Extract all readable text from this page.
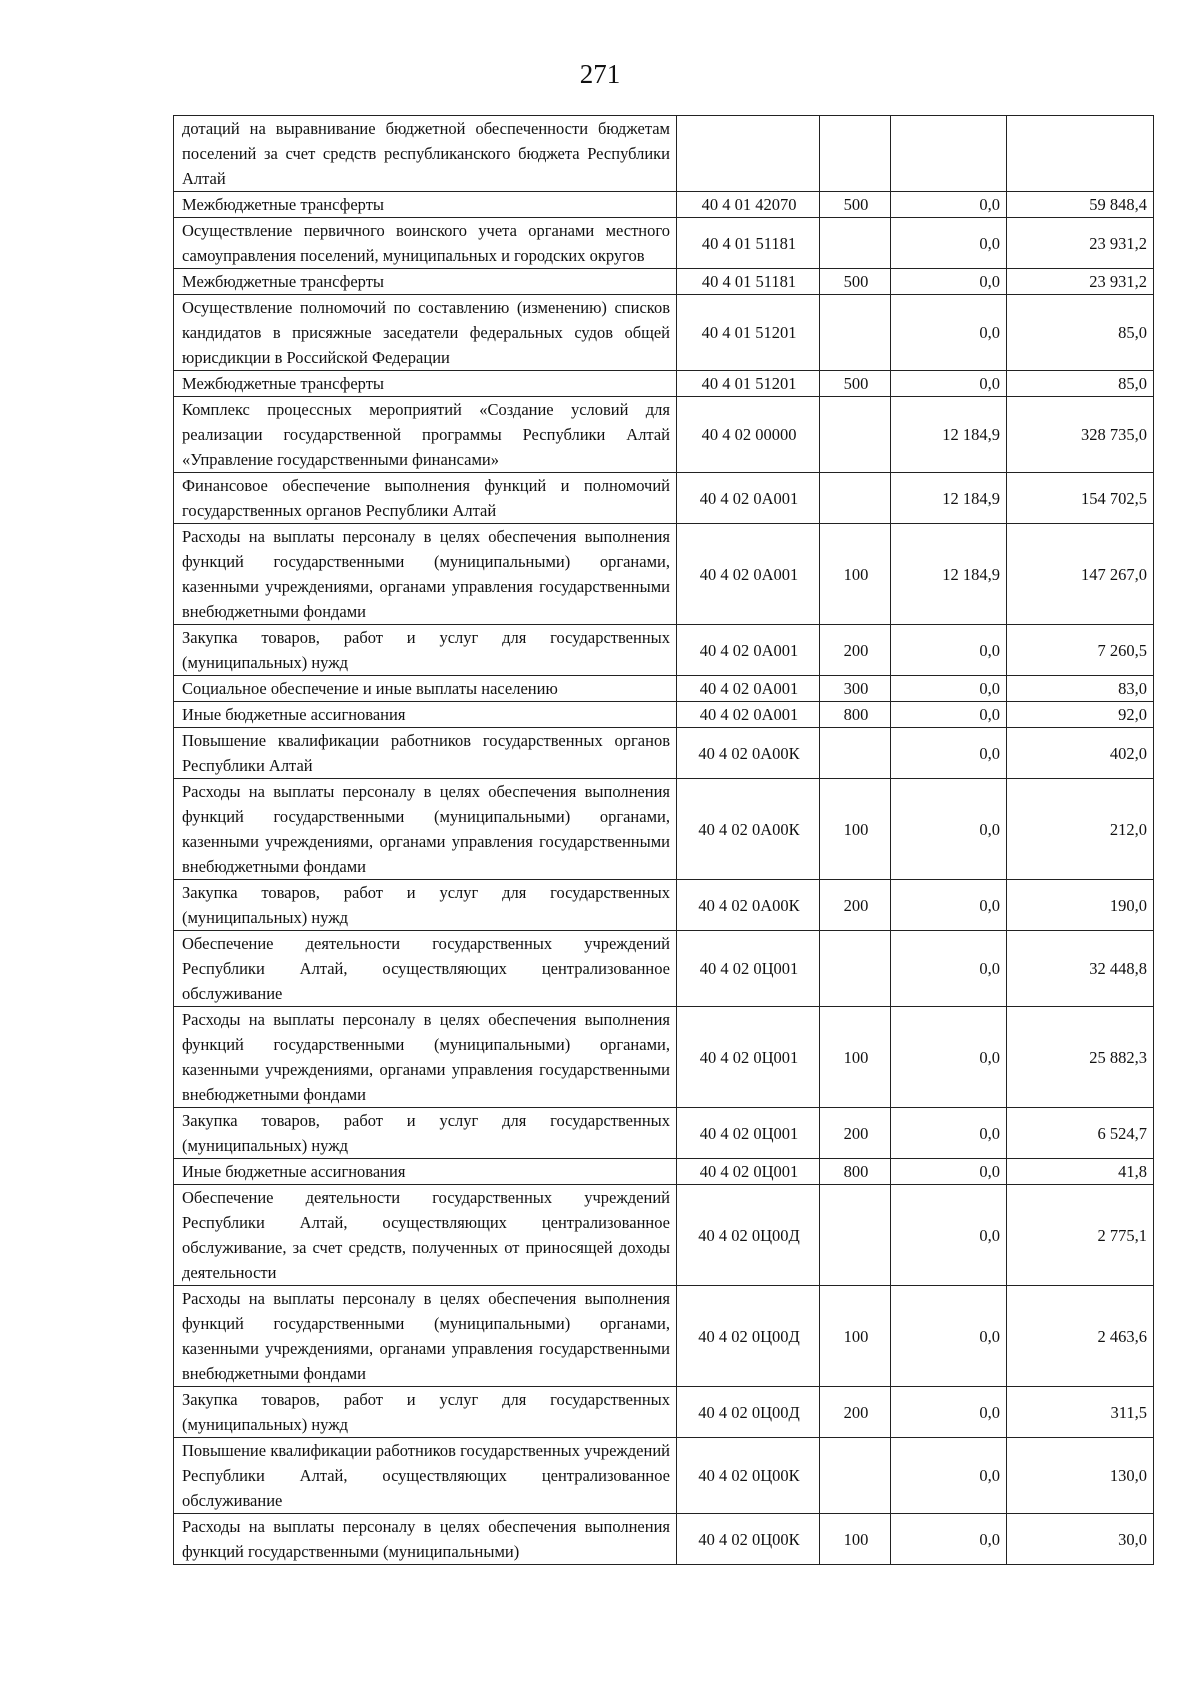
271
дотаций на выравнивание бюджетной обеспеченности бюджетам поселений за счет средств республиканского бюджета Республики Алтай				
Межбюджетные трансферты	40 4 01 42070	500	0,0	59 848,4
Осуществление первичного воинского учета органами местного самоуправления поселений, муниципальных и городских округов	40 4 01 51181		0,0	23 931,2
Межбюджетные трансферты	40 4 01 51181	500	0,0	23 931,2
Осуществление полномочий по составлению (изменению) списков кандидатов в присяжные заседатели федеральных судов общей юрисдикции в Российской Федерации	40 4 01 51201		0,0	85,0
Межбюджетные трансферты	40 4 01 51201	500	0,0	85,0
Комплекс процессных мероприятий «Создание условий для реализации государственной программы Республики Алтай «Управление государственными финансами»	40 4 02 00000		12 184,9	328 735,0
Финансовое обеспечение выполнения функций и полномочий государственных органов Республики Алтай	40 4 02 0А001		12 184,9	154 702,5
Расходы на выплаты персоналу в целях обеспечения выполнения функций государственными (муниципальными) органами, казенными учреждениями, органами управления государственными внебюджетными фондами	40 4 02 0А001	100	12 184,9	147 267,0
Закупка товаров, работ и услуг для государственных (муниципальных) нужд	40 4 02 0А001	200	0,0	7 260,5
Социальное обеспечение и иные выплаты населению	40 4 02 0А001	300	0,0	83,0
Иные бюджетные ассигнования	40 4 02 0А001	800	0,0	92,0
Повышение квалификации работников государственных органов Республики Алтай	40 4 02 0А00К		0,0	402,0
Расходы на выплаты персоналу в целях обеспечения выполнения функций государственными (муниципальными) органами, казенными учреждениями, органами управления государственными внебюджетными фондами	40 4 02 0А00К	100	0,0	212,0
Закупка товаров, работ и услуг для государственных (муниципальных) нужд	40 4 02 0А00К	200	0,0	190,0
Обеспечение деятельности государственных учреждений Республики Алтай, осуществляющих централизованное обслуживание	40 4 02 0Ц001		0,0	32 448,8
Расходы на выплаты персоналу в целях обеспечения выполнения функций государственными (муниципальными) органами, казенными учреждениями, органами управления государственными внебюджетными фондами	40 4 02 0Ц001	100	0,0	25 882,3
Закупка товаров, работ и услуг для государственных (муниципальных) нужд	40 4 02 0Ц001	200	0,0	6 524,7
Иные бюджетные ассигнования	40 4 02 0Ц001	800	0,0	41,8
Обеспечение деятельности государственных учреждений Республики Алтай, осуществляющих централизованное обслуживание, за счет средств, полученных от приносящей доходы деятельности	40 4 02 0Ц00Д		0,0	2 775,1
Расходы на выплаты персоналу в целях обеспечения выполнения функций государственными (муниципальными) органами, казенными учреждениями, органами управления государственными внебюджетными фондами	40 4 02 0Ц00Д	100	0,0	2 463,6
Закупка товаров, работ и услуг для государственных (муниципальных) нужд	40 4 02 0Ц00Д	200	0,0	311,5
Повышение квалификации работников государственных учреждений Республики Алтай, осуществляющих централизованное обслуживание	40 4 02 0Ц00К		0,0	130,0
Расходы на выплаты персоналу в целях обеспечения выполнения функций государственными (муниципальными)	40 4 02 0Ц00К	100	0,0	30,0
